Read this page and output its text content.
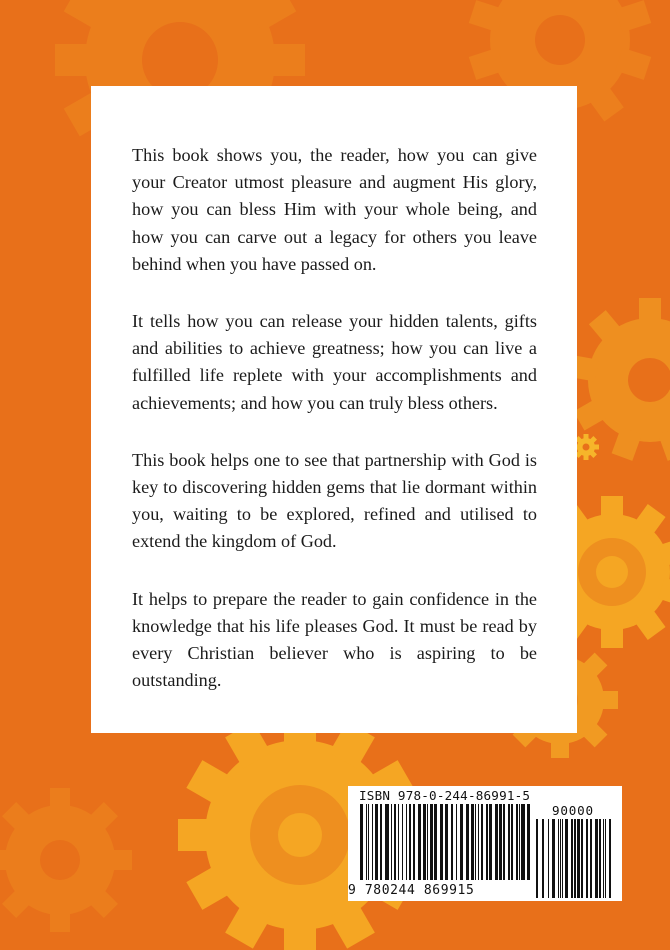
This book shows you, the reader, how you can give your Creator utmost pleasure and augment His glory, how you can bless Him with your whole being, and how you can carve out a legacy for others you leave behind when you have passed on.

It tells how you can release your hidden talents, gifts and abilities to achieve greatness; how you can live a fulfilled life replete with your accomplishments and achievements; and how you can truly bless others.

This book helps one to see that partnership with God is key to discovering hidden gems that lie dormant within you, waiting to be explored, refined and utilised to extend the kingdom of God.

It helps to prepare the reader to gain confidence in the knowledge that his life pleases God. It must be read by every Christian believer who is aspiring to be outstanding.

ISBN 978-0-244-86991-5
90000
9 780244 869915
